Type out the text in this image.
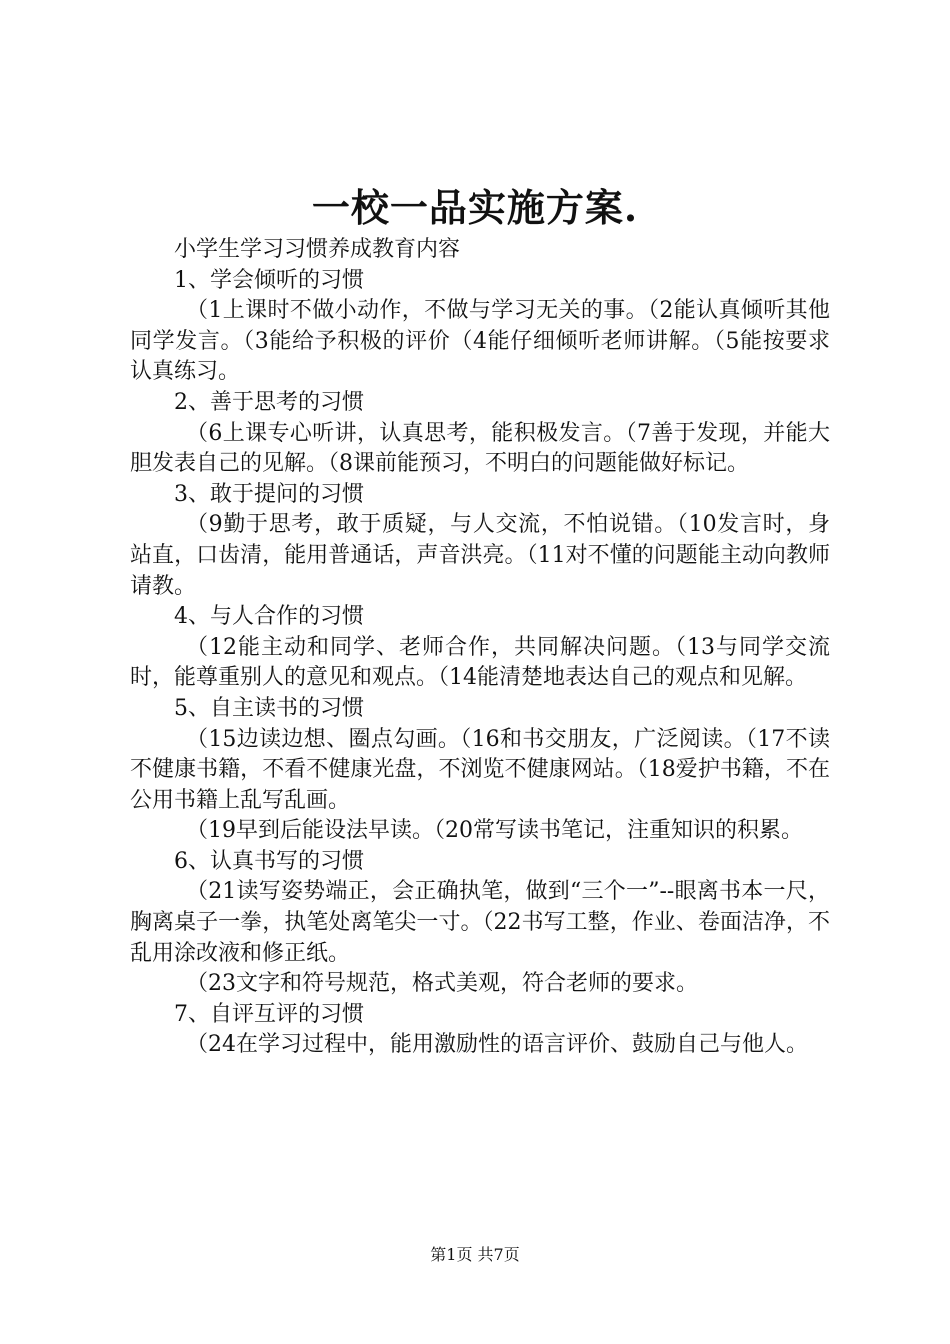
一校一品实施方案.

小学生学习习惯养成教育内容

1、学会倾听的习惯

（1上课时不做小动作，不做与学习无关的事。（2能认真倾听其他同学发言。（3能给予积极的评价（4能仔细倾听老师讲解。（5能按要求认真练习。

2、善于思考的习惯

（6上课专心听讲，认真思考，能积极发言。（7善于发现，并能大胆发表自己的见解。（8课前能预习，不明白的问题能做好标记。

3、敢于提问的习惯

（9勤于思考，敢于质疑，与人交流，不怕说错。（10发言时，身站直，口齿清，能用普通话，声音洪亮。（11对不懂的问题能主动向教师请教。

4、与人合作的习惯

（12能主动和同学、老师合作，共同解决问题。（13与同学交流时，能尊重别人的意见和观点。（14能清楚地表达自己的观点和见解。

5、自主读书的习惯

（15边读边想、圈点勾画。（16和书交朋友，广泛阅读。（17不读不健康书籍，不看不健康光盘，不浏览不健康网站。（18爱护书籍，不在公用书籍上乱写乱画。

（19早到后能设法早读。（20常写读书笔记，注重知识的积累。

6、认真书写的习惯

（21读写姿势端正，会正确执笔，做到“三个一”--眼离书本一尺，胸离桌子一拳，执笔处离笔尖一寸。（22书写工整，作业、卷面洁净，不乱用涂改液和修正纸。

（23文字和符号规范，格式美观，符合老师的要求。

7、自评互评的习惯

（24在学习过程中，能用激励性的语言评价、鼓励自己与他人。

第1页 共7页
